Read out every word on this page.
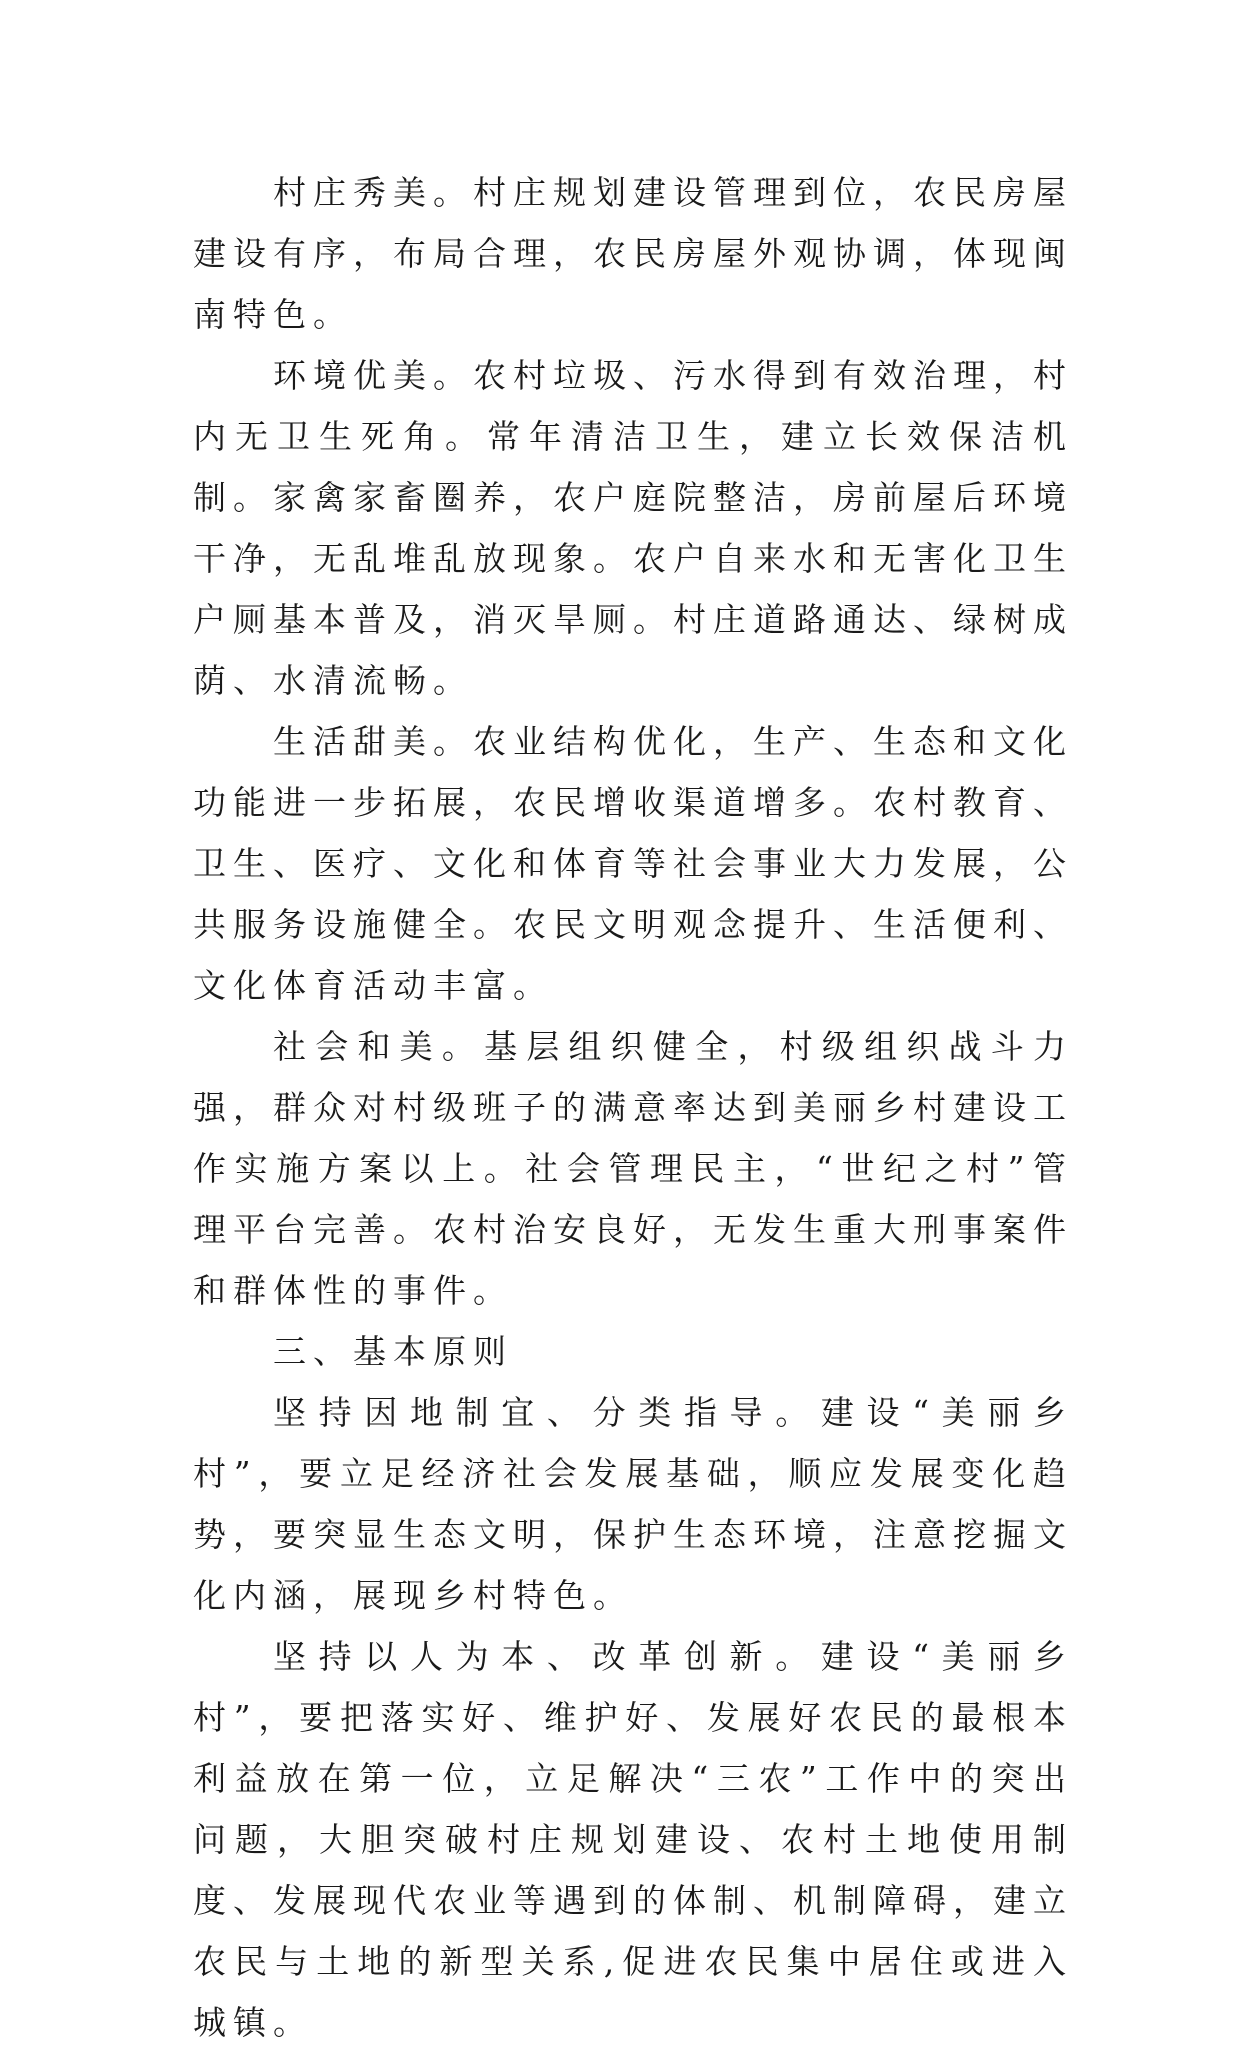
村庄秀美。村庄规划建设管理到位，农民房屋建设有序，布局合理，农民房屋外观协调，体现闽南特色。

环境优美。农村垃圾、污水得到有效治理，村内无卫生死角。常年清洁卫生，建立长效保洁机制。家禽家畜圈养，农户庭院整洁，房前屋后环境干净，无乱堆乱放现象。农户自来水和无害化卫生户厕基本普及，消灭旱厕。村庄道路通达、绿树成荫、水清流畅。

生活甜美。农业结构优化，生产、生态和文化功能进一步拓展，农民增收渠道增多。农村教育、卫生、医疗、文化和体育等社会事业大力发展，公共服务设施健全。农民文明观念提升、生活便利、文化体育活动丰富。

社会和美。基层组织健全，村级组织战斗力强，群众对村级班子的满意率达到美丽乡村建设工作实施方案以上。社会管理民主，“世纪之村”管理平台完善。农村治安良好，无发生重大刑事案件和群体性的事件。

三、基本原则

坚持因地制宜、分类指导。建设“美丽乡村”，要立足经济社会发展基础，顺应发展变化趋势，要突显生态文明，保护生态环境，注意挖掘文化内涵，展现乡村特色。

坚持以人为本、改革创新。建设“美丽乡村”，要把落实好、维护好、发展好农民的最根本利益放在第一位，立足解决“三农”工作中的突出问题，大胆突破村庄规划建设、农村土地使用制度、发展现代农业等遇到的体制、机制障碍，建立农民与土地的新型关系,促进农民集中居住或进入城镇。
